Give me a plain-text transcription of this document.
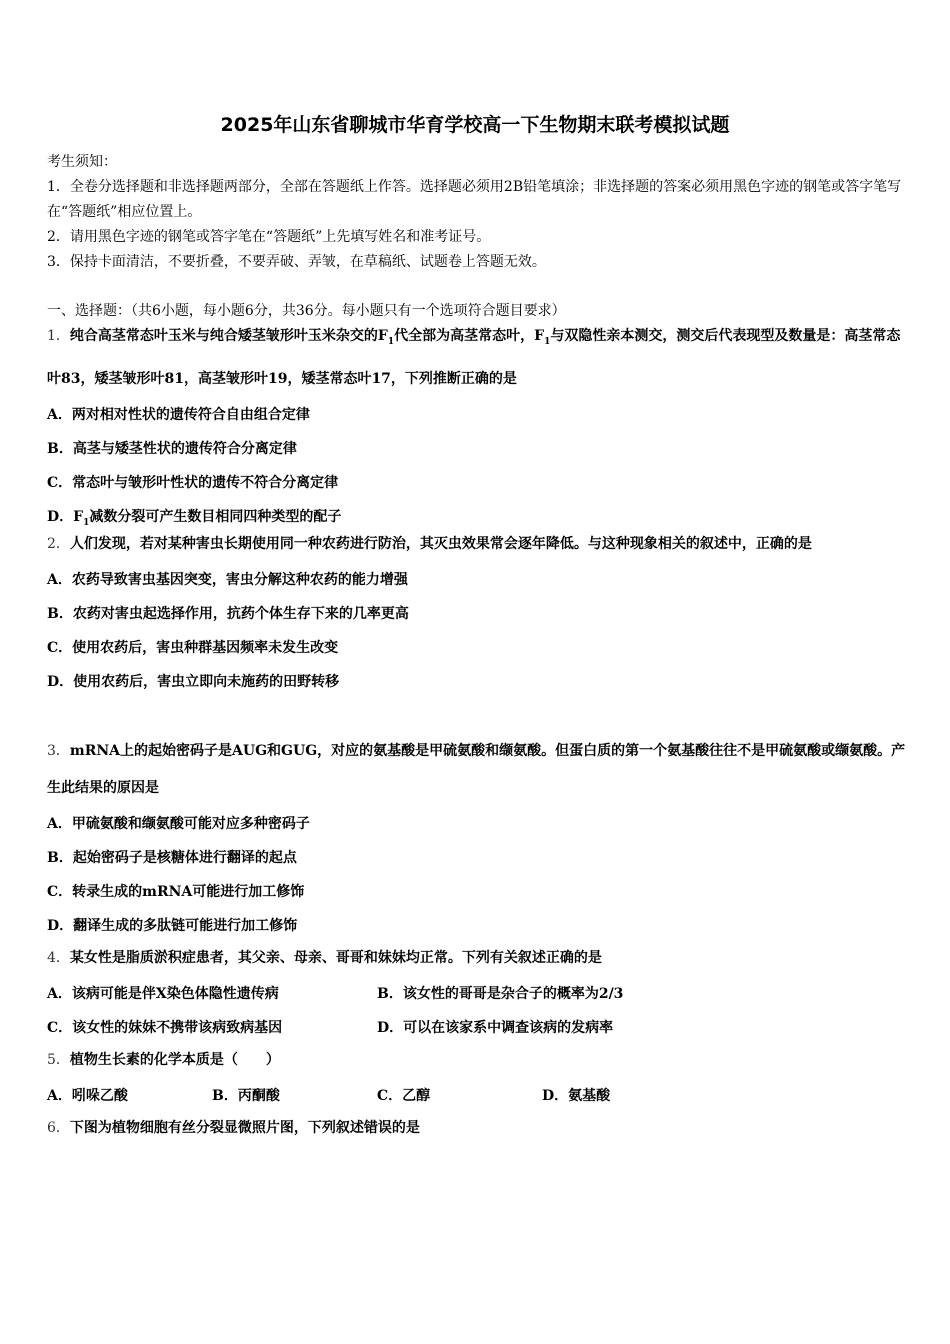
2025年山东省聊城市华育学校高一下生物期末联考模拟试题
考生须知：
1．全卷分选择题和非选择题两部分，全部在答题纸上作答。选择题必须用2B铅笔填涂；非选择题的答案必须用黑色字迹的钢笔或答字笔写在“答题纸”相应位置上。
2．请用黑色字迹的钢笔或答字笔在“答题纸”上先填写姓名和准考证号。
3．保持卡面清洁，不要折叠，不要弄破、弄皱，在草稿纸、试题卷上答题无效。
一、选择题：（共6小题，每小题6分，共36分。每小题只有一个选项符合题目要求）
1．纯合高茎常态叶玉米与纯合矮茎皱形叶玉米杂交的$F_1$代全部为高茎常态叶，$F_1$与双隐性亲本测交，测交后代表现型及数量是：高茎常态叶83，矮茎皱形叶81，高茎皱形叶19，矮茎常态叶17，下列推断正确的是
A．两对相对性状的遗传符合自由组合定律
B．高茎与矮茎性状的遗传符合分离定律
C．常态叶与皱形叶性状的遗传不符合分离定律
D．$F_1$减数分裂可产生数目相同四种类型的配子
2．人们发现，若对某种害虫长期使用同一种农药进行防治，其灭虫效果常会逐年降低。与这种现象相关的叙述中，正确的是
A．农药导致害虫基因突变，害虫分解这种农药的能力增强
B．农药对害虫起选择作用，抗药个体生存下来的几率更高
C．使用农药后，害虫种群基因频率未发生改变
D．使用农药后，害虫立即向未施药的田野转移
3．mRNA上的起始密码子是AUG和GUG，对应的氨基酸是甲硫氨酸和缬氨酸。但蛋白质的第一个氨基酸往往不是甲硫氨酸或缬氨酸。产生此结果的原因是
A．甲硫氨酸和缬氨酸可能对应多种密码子
B．起始密码子是核糖体进行翻译的起点
C．转录生成的mRNA可能进行加工修饰
D．翻译生成的多肽链可能进行加工修饰
4．某女性是脂质淤积症患者，其父亲、母亲、哥哥和妹妹均正常。下列有关叙述正确的是
A．该病可能是伴X染色体隐性遗传病	B．该女性的哥哥是杂合子的概率为2/3
C．该女性的妹妹不携带该病致病基因	D．可以在该家系中调查该病的发病率
5．植物生长素的化学本质是（　　）
A．吲哚乙酸	B．丙酮酸	C．乙醇	D．氨基酸
6．下图为植物细胞有丝分裂显微照片图，下列叙述错误的是
